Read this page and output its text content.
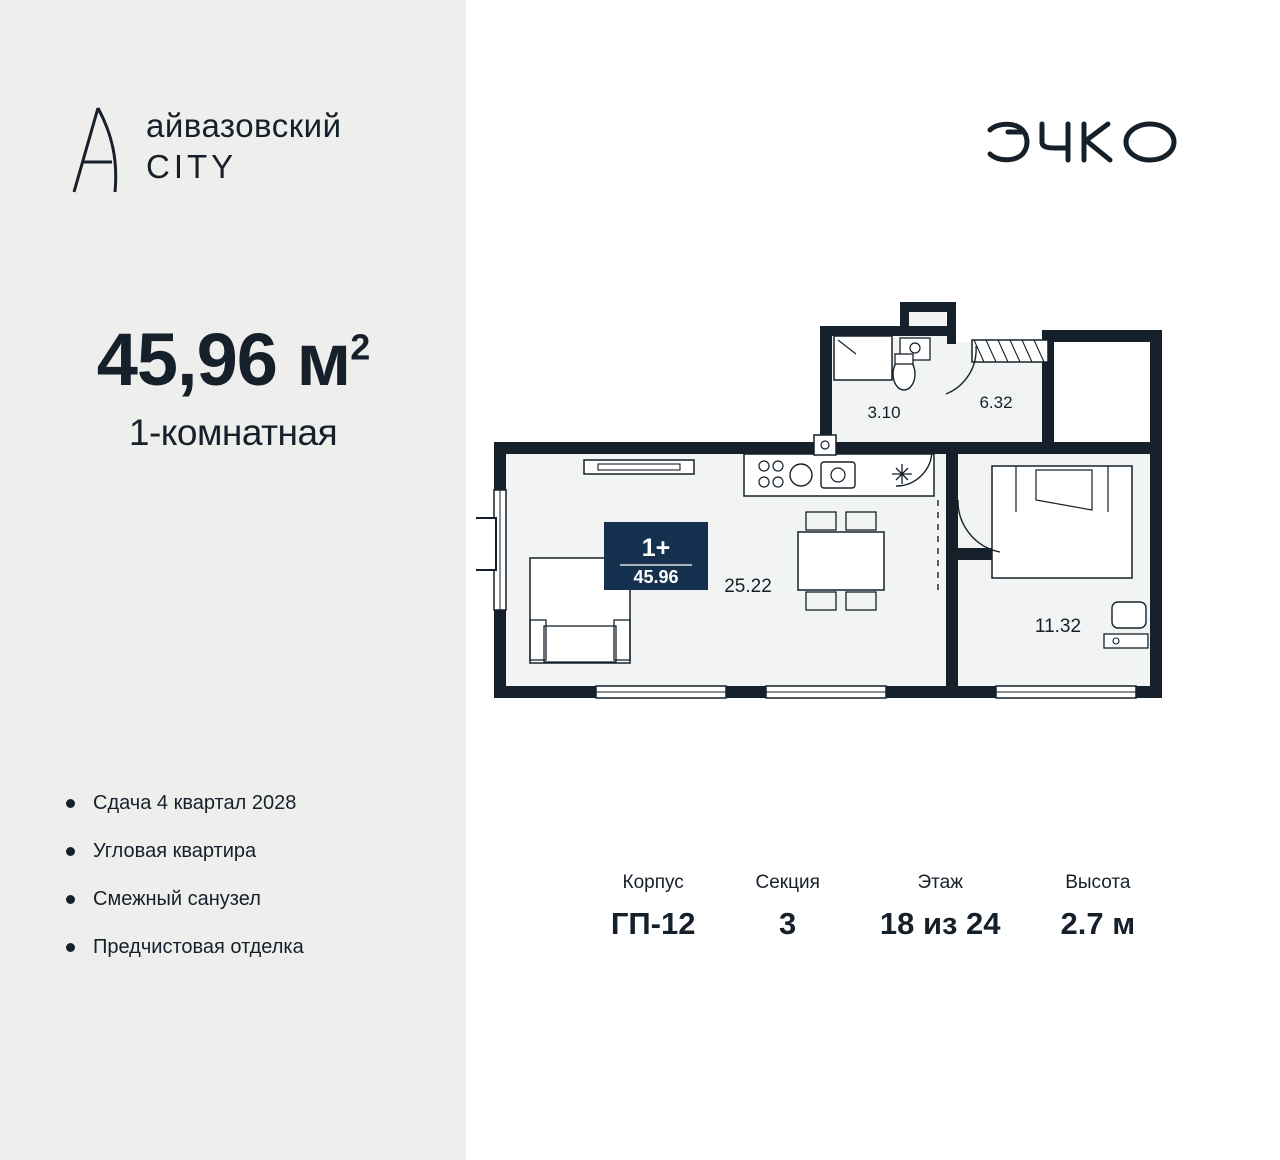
айвазовский
CITY
45,96 $м^2$
1-комнатная
Сдача 4 квартал 2028
Угловая квартира
Смежный санузел
Предчистовая отделка
3.10
6.32
25.22
11.32
1+
45.96
Корпус
ГП-12
Секция
3
Этаж
18 из 24
Высота
2.7 м
